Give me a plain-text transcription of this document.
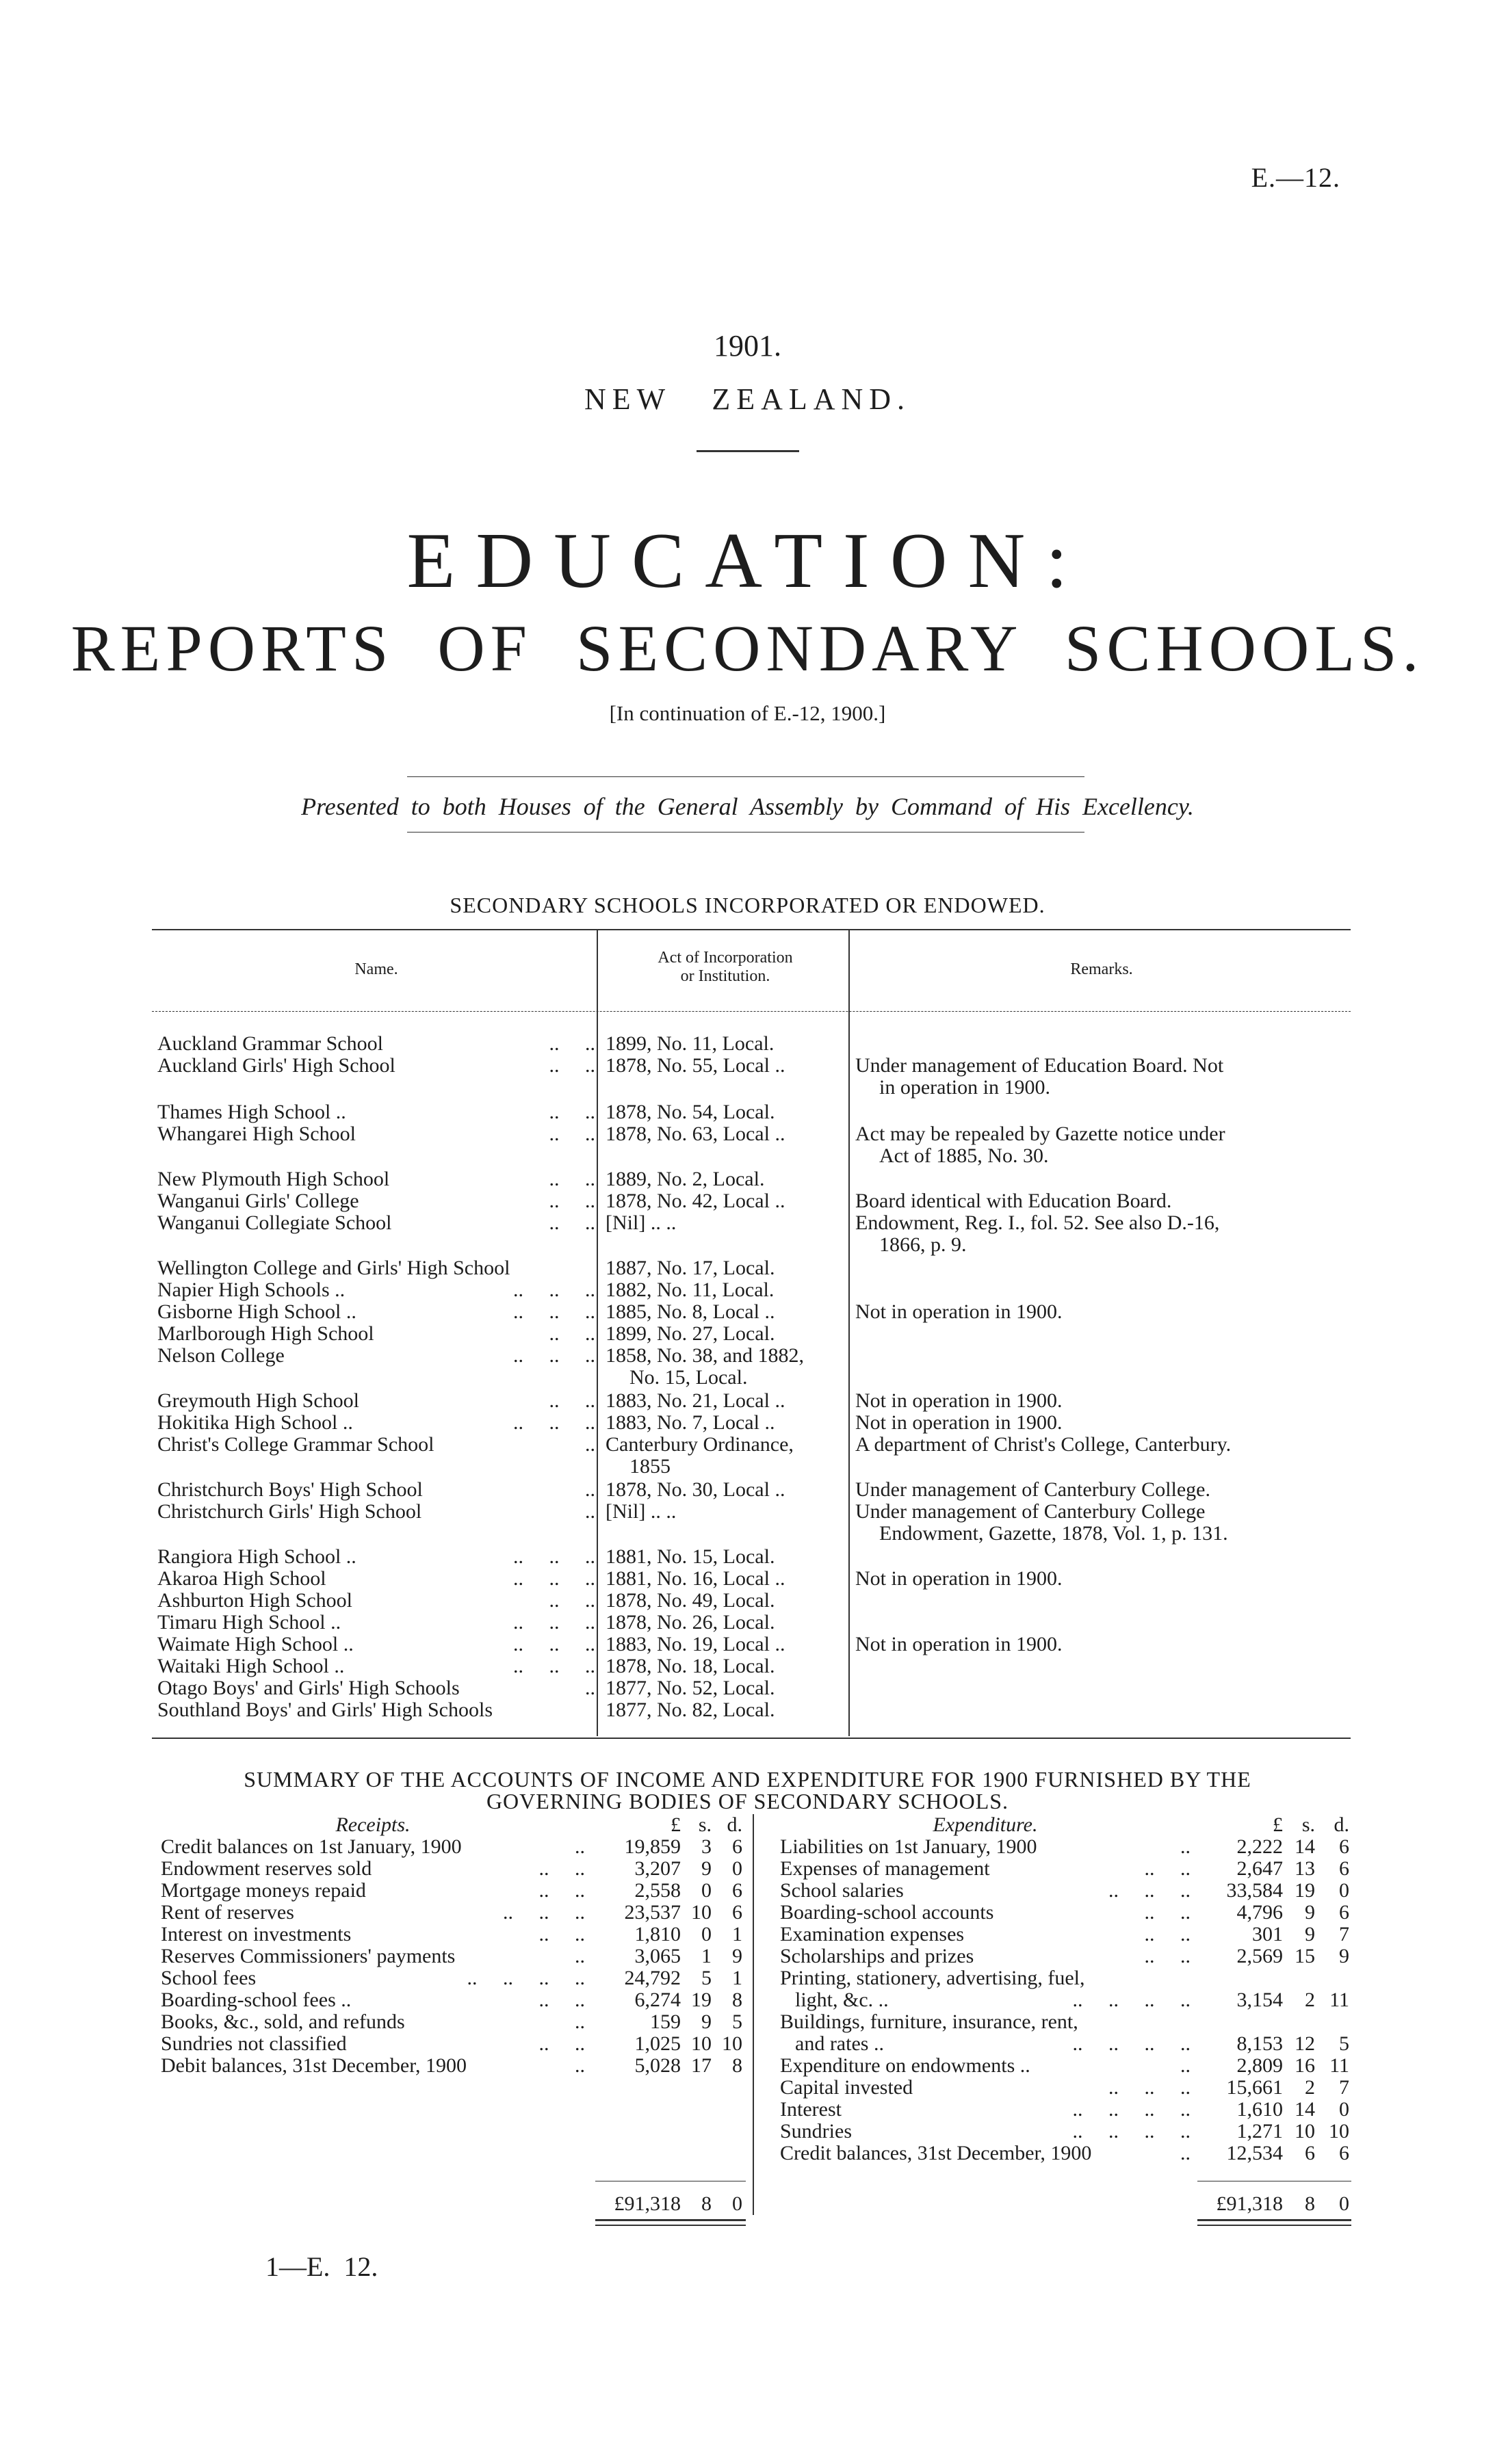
E.—12.
1901.
NEW   ZEALAND.
EDUCATION:
REPORTS  OF  SECONDARY  SCHOOLS.
[In continuation of E.-12, 1900.]
Presented  to  both  Houses  of  the  General  Assembly  by  Command  of  His  Excellency.
SECONDARY SCHOOLS INCORPORATED OR ENDOWED.
Name.
Act of Incorporation
or Institution.	Remarks.
Auckland Grammar School	..     .. 1899, No. 11, Local.
Auckland Girls' High School	..     .. 1878, No. 55, Local ..	Under management of Education Board. Not
in operation in 1900.
Thames High School ..	..     .. 1878, No. 54, Local.
Whangarei High School	..     .. 1878, No. 63, Local ..	Act may be repealed by Gazette notice under
Act of 1885, No. 30.
New Plymouth High School	..     .. 1889, No. 2, Local.
Wanganui Girls' College	..     .. 1878, No. 42, Local ..	Board identical with Education Board.
Wanganui Collegiate School	..     .. [Nil] .. ..	Endowment, Reg. I., fol. 52. See also D.-16,
1866, p. 9.
Wellington College and Girls' High School	1887, No. 17, Local.
Napier High Schools ..	..     ..     .. 1882, No. 11, Local.
Gisborne High School ..	..     ..     .. 1885, No. 8, Local ..	Not in operation in 1900.
Marlborough High School	..     .. 1899, No. 27, Local.
Nelson College	..     ..     .. 1858, No. 38, and 1882,
No. 15, Local.
Greymouth High School	..     .. 1883, No. 21, Local ..	Not in operation in 1900.
Hokitika High School ..	..     ..     .. 1883, No. 7, Local ..	Not in operation in 1900.
Christ's College Grammar School	.. Canterbury Ordinance,	A department of Christ's College, Canterbury.
1855
Christchurch Boys' High School	.. 1878, No. 30, Local ..	Under management of Canterbury College.
Christchurch Girls' High School	.. [Nil] .. ..	Under management of Canterbury College
Endowment, Gazette, 1878, Vol. 1, p. 131.
Rangiora High School ..	..     ..     .. 1881, No. 15, Local.
Akaroa High School	..     ..     .. 1881, No. 16, Local ..	Not in operation in 1900.
Ashburton High School	..     .. 1878, No. 49, Local.
Timaru High School ..	..     ..     .. 1878, No. 26, Local.
Waimate High School ..	..     ..     .. 1883, No. 19, Local ..	Not in operation in 1900.
Waitaki High School ..	..     ..     .. 1878, No. 18, Local.
Otago Boys' and Girls' High Schools	.. 1877, No. 52, Local.
Southland Boys' and Girls' High Schools	1877, No. 82, Local.
SUMMARY OF THE ACCOUNTS OF INCOME AND EXPENDITURE FOR 1900 FURNISHED BY THE
GOVERNING BODIES OF SECONDARY SCHOOLS.
Receipts.	£ s. d.	Expenditure.	£ s. d.
Credit balances on 1st January, 1900	..	19,859	3	6
Endowment reserves sold	..     ..	3,207	9	0
Mortgage moneys repaid	..     ..	2,558	0	6
Rent of reserves	..     ..     ..	23,537 10	6
Interest on investments	..     ..	1,810	0	1
Reserves Commissioners' payments	..	3,065	1	9
School fees	..     ..     ..     ..	24,792	5	1
Boarding-school fees ..	..     ..	6,274 19	8
Books, &c., sold, and refunds	..	159	9	5
Sundries not classified	..     ..	1,025 10 10
Debit balances, 31st December, 1900	..	5,028 17	8
Liabilities on 1st January, 1900	..	2,222 14	6
Expenses of management	..     ..	2,647 13	6
School salaries	..     ..     ..	33,584 19	0
Boarding-school accounts	..     ..	4,796	9	6
Examination expenses	..     ..	301	9	7
Scholarships and prizes	..     ..	2,569 15	9
Printing, stationery, advertising, fuel,
light, &c. ..	..     ..     ..     ..	3,154	2 11
Buildings, furniture, insurance, rent,
and rates ..	..     ..     ..     ..	8,153 12	5
Expenditure on endowments ..	..	2,809 16 11
Capital invested	..     ..     ..	15,661	2	7
Interest	..     ..     ..     ..	1,610 14	0
Sundries	..     ..     ..     ..	1,271 10 10
Credit balances, 31st December, 1900	..	12,534	6	6
£91,318	8	0	£91,318	8	0
1—E.  12.
